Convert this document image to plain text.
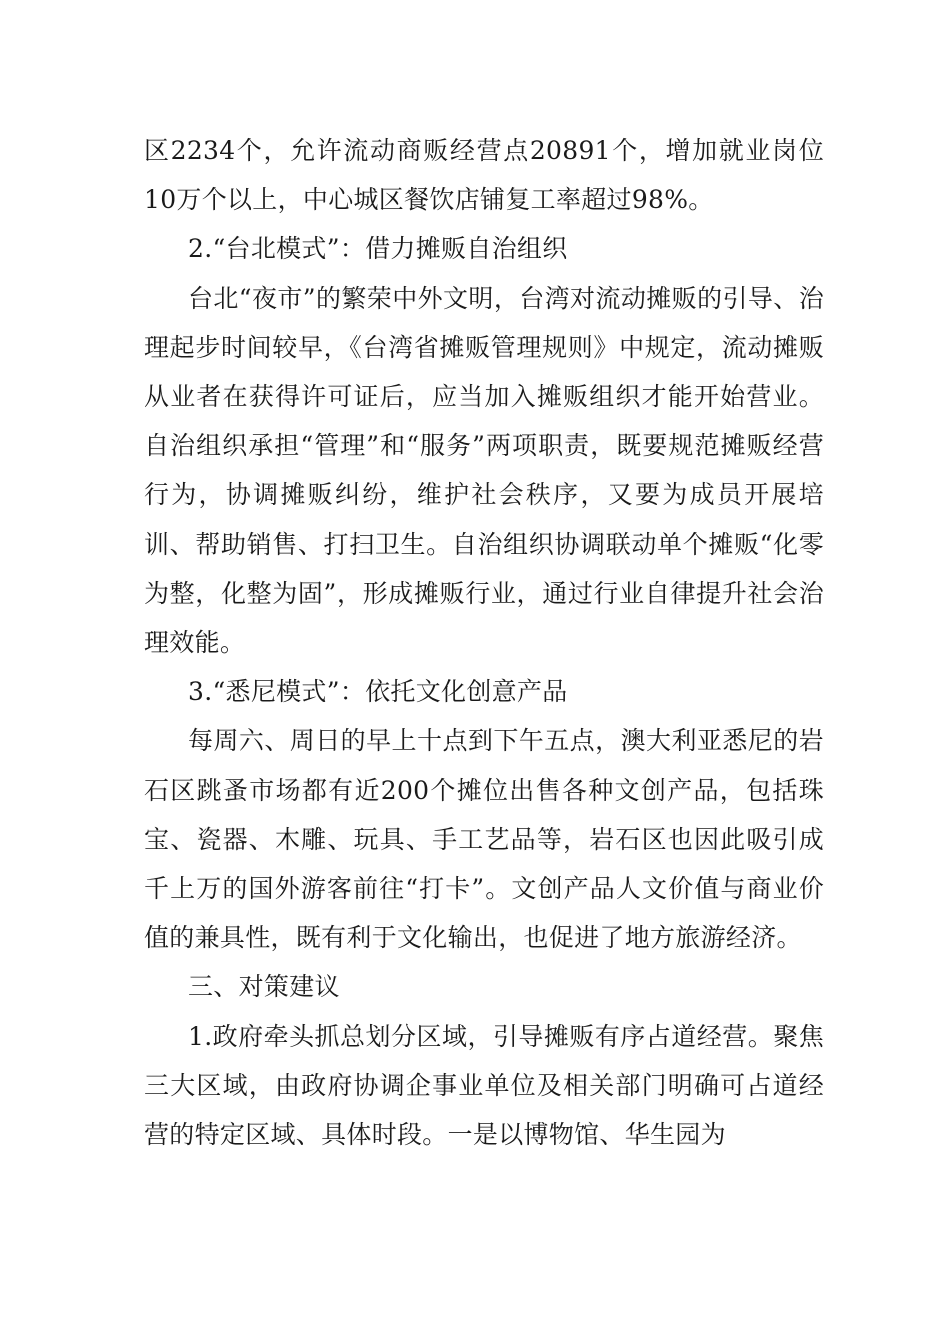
区2234个，允许流动商贩经营点20891个，增加就业岗位10万个以上，中心城区餐饮店铺复工率超过98%。

2.“台北模式”：借力摊贩自治组织

台北“夜市”的繁荣中外文明，台湾对流动摊贩的引导、治理起步时间较早，《台湾省摊贩管理规则》中规定，流动摊贩从业者在获得许可证后，应当加入摊贩组织才能开始营业。自治组织承担“管理”和“服务”两项职责，既要规范摊贩经营行为，协调摊贩纠纷，维护社会秩序，又要为成员开展培训、帮助销售、打扫卫生。自治组织协调联动单个摊贩“化零为整，化整为固”，形成摊贩行业，通过行业自律提升社会治理效能。

3.“悉尼模式”：依托文化创意产品

每周六、周日的早上十点到下午五点，澳大利亚悉尼的岩石区跳蚤市场都有近200个摊位出售各种文创产品，包括珠宝、瓷器、木雕、玩具、手工艺品等，岩石区也因此吸引成千上万的国外游客前往“打卡”。文创产品人文价值与商业价值的兼具性，既有利于文化输出，也促进了地方旅游经济。

三、对策建议

1.政府牵头抓总划分区域，引导摊贩有序占道经营。聚焦三大区域，由政府协调企事业单位及相关部门明确可占道经营的特定区域、具体时段。一是以博物馆、华生园为
